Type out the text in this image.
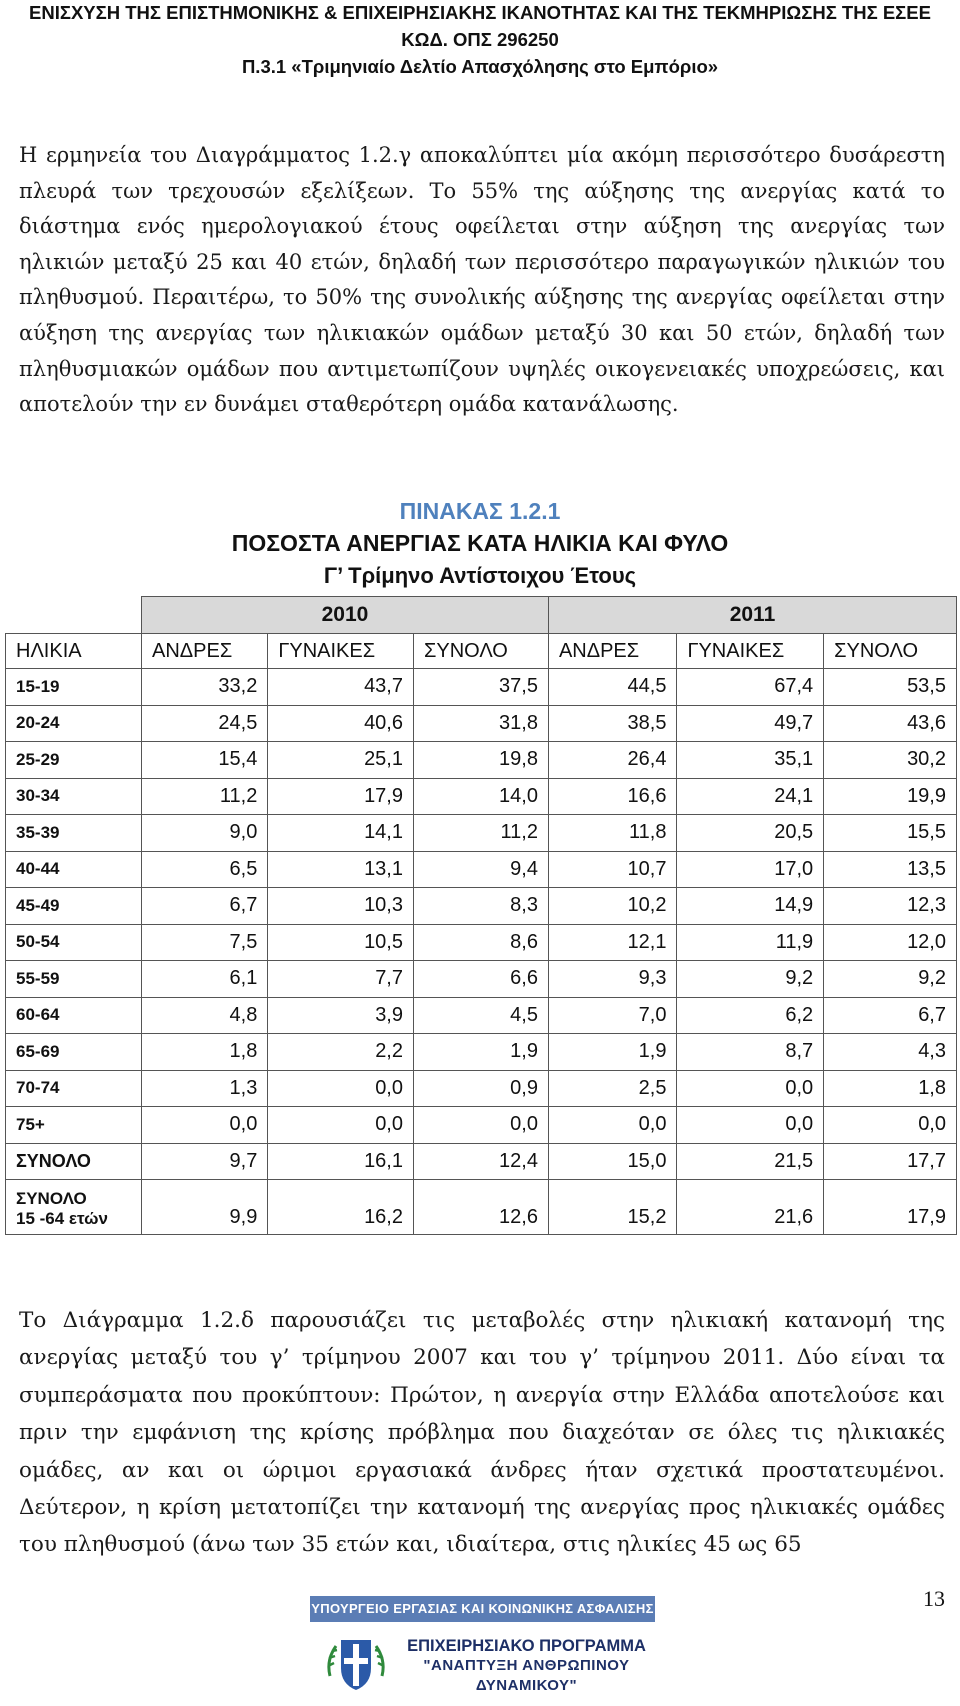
ΕΝΙΣΧΥΣΗ ΤΗΣ ΕΠΙΣΤΗΜΟΝΙΚΗΣ & ΕΠΙΧΕΙΡΗΣΙΑΚΗΣ ΙΚΑΝΟΤΗΤΑΣ ΚΑΙ ΤΗΣ ΤΕΚΜΗΡΙΩΣΗΣ ΤΗΣ ΕΣΕΕ
ΚΩΔ. ΟΠΣ 296250
Π.3.1 «Τριμηνιαίο Δελτίο Απασχόλησης στο Εμπόριο»
Η ερμηνεία του Διαγράμματος 1.2.γ αποκαλύπτει μία ακόμη περισσότερο δυσάρεστη πλευρά των τρεχουσών εξελίξεων. Το 55% της αύξησης της ανεργίας κατά το διάστημα ενός ημερολογιακού έτους οφείλεται στην αύξηση της ανεργίας των ηλικιών μεταξύ 25 και 40 ετών, δηλαδή των περισσότερο παραγωγικών ηλικιών του πληθυσμού. Περαιτέρω, το 50% της συνολικής αύξησης της ανεργίας οφείλεται στην αύξηση της ανεργίας των ηλικιακών ομάδων μεταξύ 30 και 50 ετών, δηλαδή των πληθυσμιακών ομάδων που αντιμετωπίζουν υψηλές οικογενειακές υποχρεώσεις, και αποτελούν την εν δυνάμει σταθερότερη ομάδα κατανάλωσης.
ΠΙΝΑΚΑΣ 1.2.1
ΠΟΣΟΣΤΑ ΑΝΕΡΓΙΑΣ ΚΑΤΑ ΗΛΙΚΙΑ ΚΑΙ ΦΥΛΟ
Γ’ Τρίμηνο Αντίστοιχου Έτους
	2010			2011		
ΗΛΙΚΙΑ	ΑΝΔΡΕΣ	ΓΥΝΑΙΚΕΣ	ΣΥΝΟΛΟ	ΑΝΔΡΕΣ	ΓΥΝΑΙΚΕΣ	ΣΥΝΟΛΟ
15-19	33,2	43,7	37,5	44,5	67,4	53,5
20-24	24,5	40,6	31,8	38,5	49,7	43,6
25-29	15,4	25,1	19,8	26,4	35,1	30,2
30-34	11,2	17,9	14,0	16,6	24,1	19,9
35-39	9,0	14,1	11,2	11,8	20,5	15,5
40-44	6,5	13,1	9,4	10,7	17,0	13,5
45-49	6,7	10,3	8,3	10,2	14,9	12,3
50-54	7,5	10,5	8,6	12,1	11,9	12,0
55-59	6,1	7,7	6,6	9,3	9,2	9,2
60-64	4,8	3,9	4,5	7,0	6,2	6,7
65-69	1,8	2,2	1,9	1,9	8,7	4,3
70-74	1,3	0,0	0,9	2,5	0,0	1,8
75+	0,0	0,0	0,0	0,0	0,0	0,0
ΣΥΝΟΛΟ	9,7	16,1	12,4	15,0	21,5	17,7
ΣΥΝΟΛΟ
15 -64 ετών	9,9	16,2	12,6	15,2	21,6	17,9
Το Διάγραμμα 1.2.δ παρουσιάζει τις μεταβολές στην ηλικιακή κατανομή της ανεργίας μεταξύ του γ’ τρίμηνου 2007 και του γ’ τρίμηνου 2011. Δύο είναι τα συμπεράσματα που προκύπτουν: Πρώτον, η ανεργία στην Ελλάδα αποτελούσε και πριν την εμφάνιση της κρίσης πρόβλημα που διαχεόταν σε όλες τις ηλικιακές ομάδες, αν και οι ώριμοι εργασιακά άνδρες ήταν σχετικά προστατευμένοι. Δεύτερον, η κρίση μετατοπίζει την κατανομή της ανεργίας προς ηλικιακές ομάδες του πληθυσμού (άνω των 35 ετών και, ιδιαίτερα, στις ηλικίες 45 ως 65
13
ΥΠΟΥΡΓΕΙΟ ΕΡΓΑΣΙΑΣ ΚΑΙ ΚΟΙΝΩΝΙΚΗΣ ΑΣΦΑΛΙΣΗΣ
ΕΠΙΧΕΙΡΗΣΙΑΚΟ ΠΡΟΓΡΑΜΜΑ
"ΑΝΑΠΤΥΞΗ ΑΝΘΡΩΠΙΝΟΥ ΔΥΝΑΜΙΚΟΥ"
